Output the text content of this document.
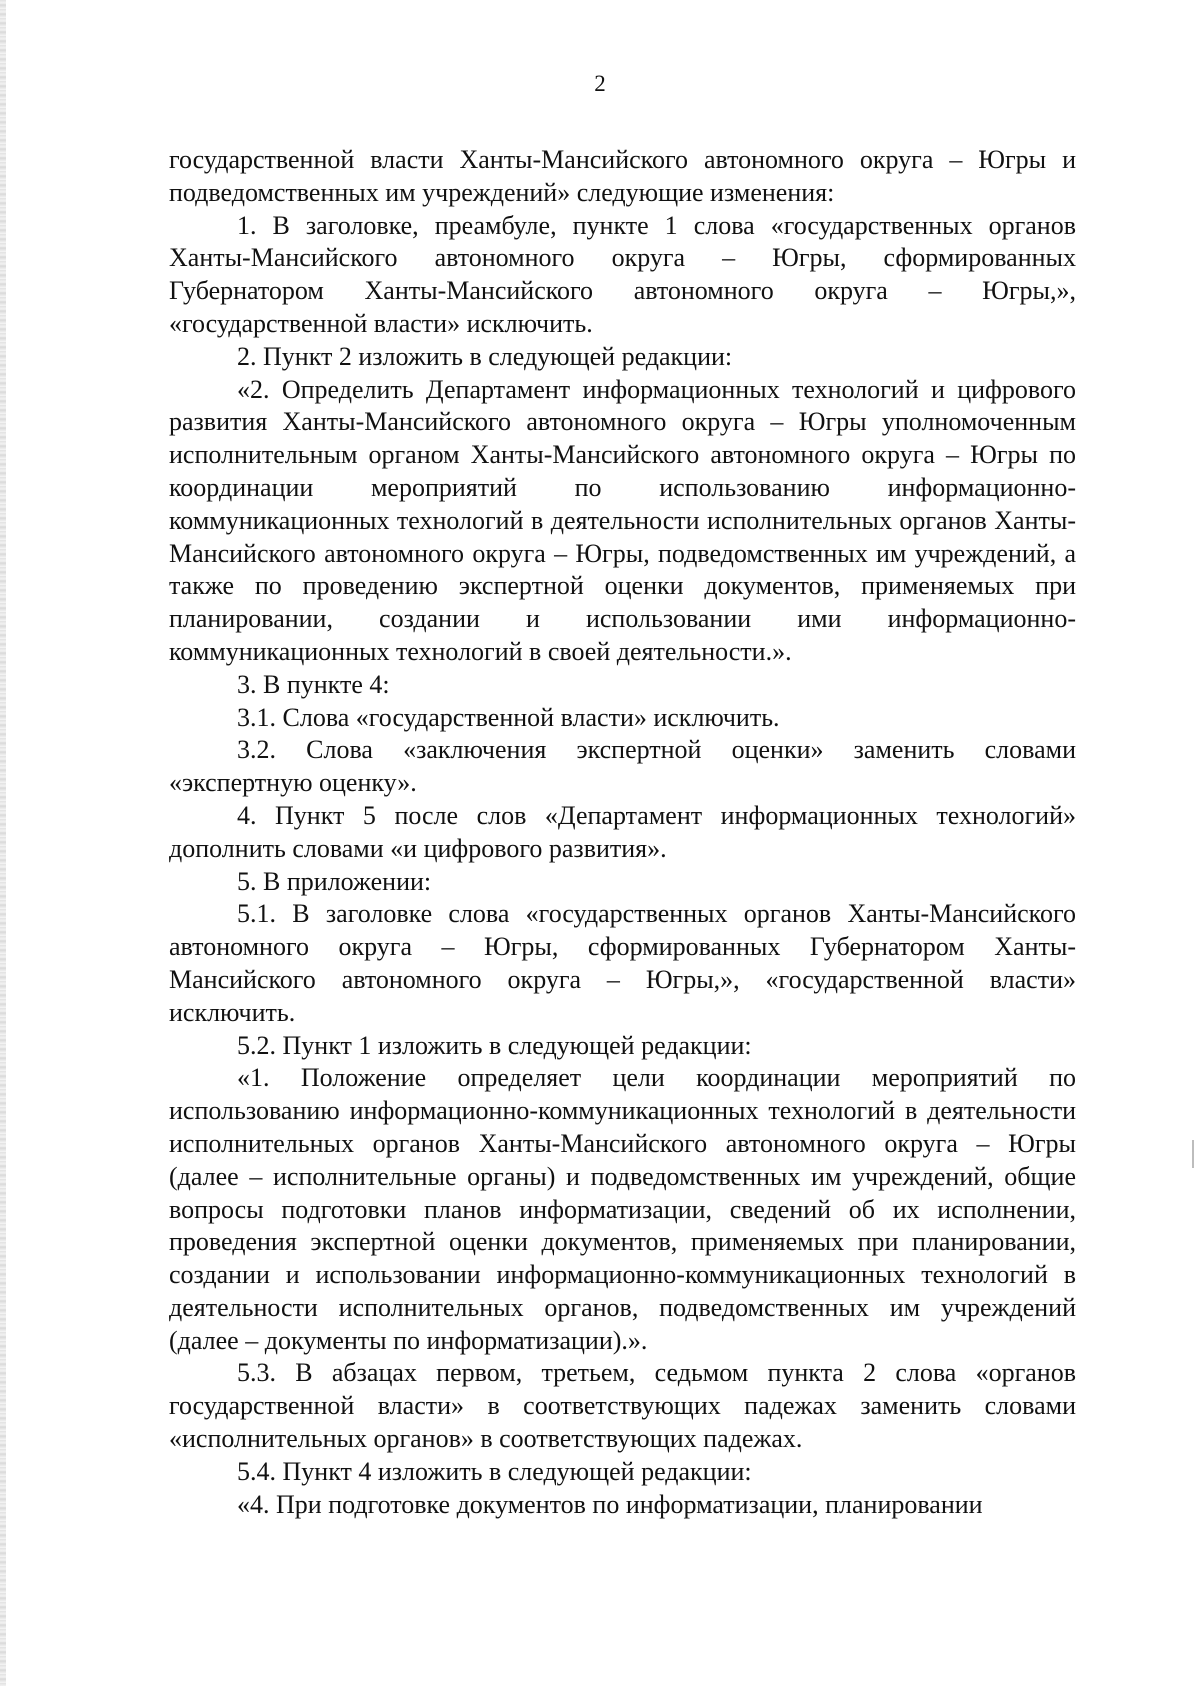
2

государственной власти Ханты-Мансийского автономного округа – Югры и подведомственных им учреждений» следующие изменения:

1. В заголовке, преамбуле, пункте 1 слова «государственных органов Ханты-Мансийского автономного округа – Югры, сформированных Губернатором Ханты-Мансийского автономного округа – Югры,», «государственной власти» исключить.

2. Пункт 2 изложить в следующей редакции:

«2. Определить Департамент информационных технологий и цифрового развития Ханты-Мансийского автономного округа – Югры уполномоченным исполнительным органом Ханты-Мансийского автономного округа – Югры по координации мероприятий по использованию информационно-коммуникационных технологий в деятельности исполнительных органов Ханты-Мансийского автономного округа – Югры, подведомственных им учреждений, а также по проведению экспертной оценки документов, применяемых при планировании, создании и использовании ими информационно-коммуникационных технологий в своей деятельности.».

3. В пункте 4:

3.1. Слова «государственной власти» исключить.

3.2. Слова «заключения экспертной оценки» заменить словами «экспертную оценку».

4. Пункт 5 после слов «Департамент информационных технологий» дополнить словами «и цифрового развития».

5. В приложении:

5.1. В заголовке слова «государственных органов Ханты-Мансийского автономного округа – Югры, сформированных Губернатором Ханты-Мансийского автономного округа – Югры,», «государственной власти» исключить.

5.2. Пункт 1 изложить в следующей редакции:

«1. Положение определяет цели координации мероприятий по использованию информационно-коммуникационных технологий в деятельности исполнительных органов Ханты-Мансийского автономного округа – Югры (далее – исполнительные органы) и подведомственных им учреждений, общие вопросы подготовки планов информатизации, сведений об их исполнении, проведения экспертной оценки документов, применяемых при планировании, создании и использовании информационно-коммуникационных технологий в деятельности исполнительных органов, подведомственных им учреждений (далее – документы по информатизации).».

5.3. В абзацах первом, третьем, седьмом пункта 2 слова «органов государственной власти» в соответствующих падежах заменить словами «исполнительных органов» в соответствующих падежах.

5.4. Пункт 4 изложить в следующей редакции:

«4. При подготовке документов по информатизации, планировании
